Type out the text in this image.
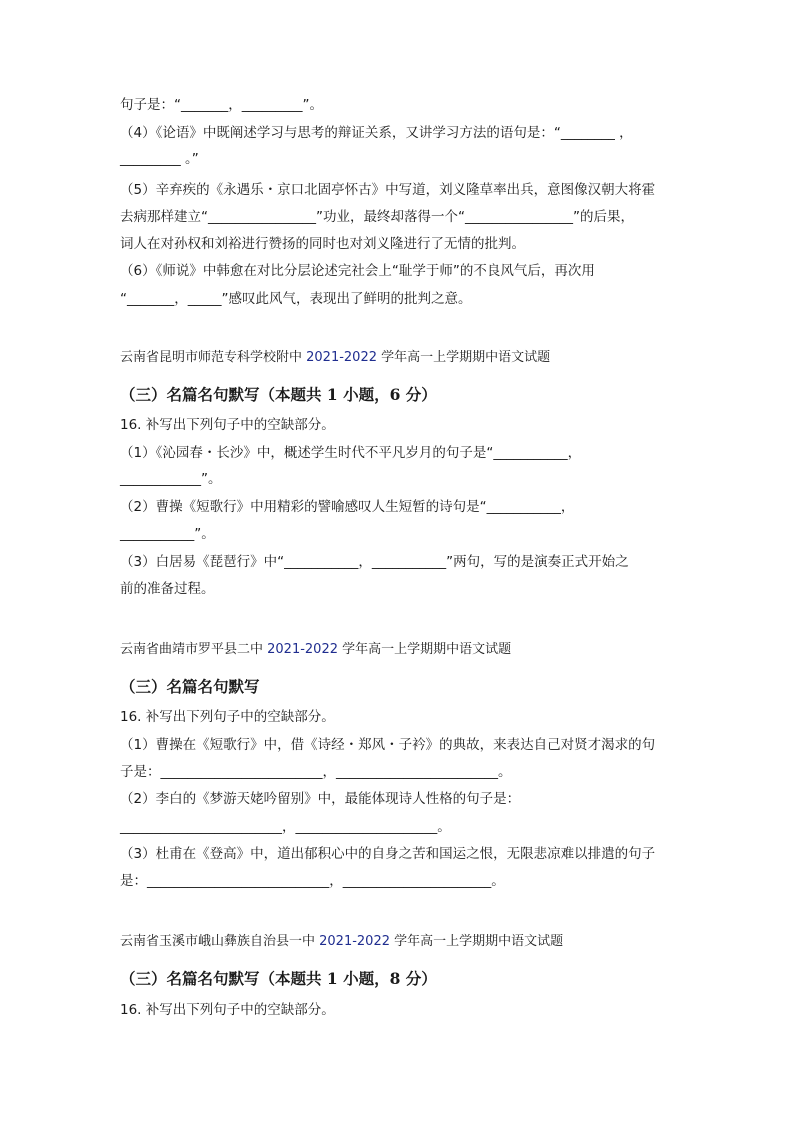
句子是：“_______，_________”。
（4）《论语》中既阐述学习与思考的辩证关系，又讲学习方法的语句是：“________ ，
_________ 。”
（5）辛弃疾的《永遇乐・京口北固亭怀古》中写道，刘义隆草率出兵，意图像汉朝大将霍
去病那样建立“________________”功业，最终却落得一个“________________”的后果，
词人在对孙权和刘裕进行赞扬的同时也对刘义隆进行了无情的批判。
（6）《师说》中韩愈在对比分层论述完社会上“耻学于师”的不良风气后，再次用
“_______，_____”感叹此风气，表现出了鲜明的批判之意。
云南省昆明市师范专科学校附中 2021-2022 学年高一上学期期中语文试题
（三）名篇名句默写（本题共 1 小题，6 分）
16. 补写出下列句子中的空缺部分。
（1）《沁园春・长沙》中，概述学生时代不平凡岁月的句子是“___________，
____________”。
（2）曹操《短歌行》中用精彩的譬喻感叹人生短暂的诗句是“___________，
___________”。
（3）白居易《琵琶行》中“___________，___________”两句，写的是演奏正式开始之
前的准备过程。
云南省曲靖市罗平县二中 2021-2022 学年高一上学期期中语文试题
（三）名篇名句默写
16. 补写出下列句子中的空缺部分。
（1）曹操在《短歌行》中，借《诗经・郑风・子衿》的典故，来表达自己对贤才渴求的句
子是：________________________，________________________。
（2）李白的《梦游天姥吟留别》中，最能体现诗人性格的句子是：
________________________，_____________________。
（3）杜甫在《登高》中，道出郁积心中的自身之苦和国运之恨，无限悲凉难以排遣的句子
是：___________________________，______________________。
云南省玉溪市峨山彝族自治县一中 2021-2022 学年高一上学期期中语文试题
（三）名篇名句默写（本题共 1 小题，8 分）
16. 补写出下列句子中的空缺部分。
